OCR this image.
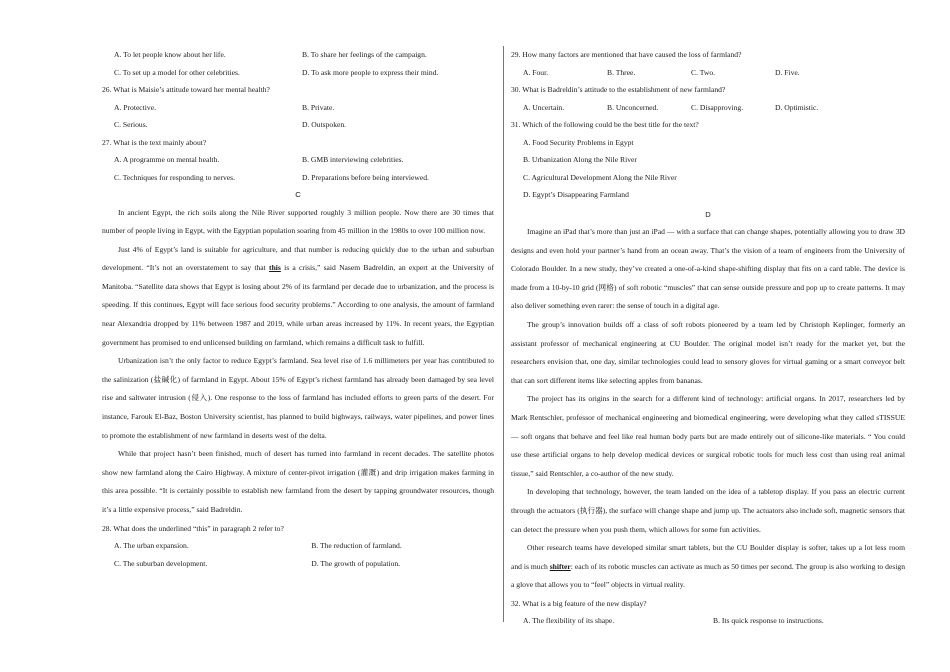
A. To let people know about her life.	B. To share her feelings of the campaign.
C. To set up a model for other celebrities.	D. To ask more people to express their mind.
26. What is Maisie’s attitude toward her mental health?
A. Protective.	B. Private.
C. Serious.	D. Outspoken.
27. What is the text mainly about?
A. A programme on mental health.	B. GMB interviewing celebrities.
C. Techniques for responding to nerves.	D. Preparations before being interviewed.
C

In ancient Egypt, the rich soils along the Nile River supported roughly 3 million people. Now there are 30 times that number of people living in Egypt, with the Egyptian population soaring from 45 million in the 1980s to over 100 million now.

Just 4% of Egypt’s land is suitable for agriculture, and that number is reducing quickly due to the urban and suburban development. “It’s not an overstatement to say that this is a crisis,” said Nasem Badreldin, an expert at the University of Manitoba. “Satellite data shows that Egypt is losing about 2% of its farmland per decade due to urbanization, and the process is speeding. If this continues, Egypt will face serious food security problems.” According to one analysis, the amount of farmland near Alexandria dropped by 11% between 1987 and 2019, while urban areas increased by 11%. In recent years, the Egyptian government has promised to end unlicensed building on farmland, which remains a difficult task to fulfill.

Urbanization isn’t the only factor to reduce Egypt’s farmland. Sea level rise of 1.6 millimeters per year has contributed to the salinization (盐碱化) of farmland in Egypt. About 15% of Egypt’s richest farmland has already been damaged by sea level rise and saltwater intrusion (侵入). One response to the loss of farmland has included efforts to green parts of the desert. For instance, Farouk El-Baz, Boston University scientist, has planned to build highways, railways, water pipelines, and power lines to promote the establishment of new farmland in deserts west of the delta.

While that project hasn’t been finished, much of desert has turned into farmland in recent decades. The satellite photos show new farmland along the Cairo Highway. A mixture of center-pivot irrigation (灌溉) and drip irrigation makes farming in this area possible. “It is certainly possible to establish new farmland from the desert by tapping groundwater resources, though it’s a little expensive process,” said Badreldin.

28. What does the underlined “this” in paragraph 2 refer to?
A. The urban expansion.	B. The reduction of farmland.
C. The suburban development.	D. The growth of population.
29. How many factors are mentioned that have caused the loss of farmland?
A. Four.	B. Three.	C. Two.	D. Five.
30. What is Badreldin’s attitude to the establishment of new farmland?
A. Uncertain.	B. Unconcerned.	C. Disapproving.	D. Optimistic.
31. Which of the following could be the best title for the text?
A. Food Security Problems in Egypt
B. Urbanization Along the Nile River
C. Agricultural Development Along the Nile River
D. Egypt’s Disappearing Farmland
D

Imagine an iPad that’s more than just an iPad — with a surface that can change shapes, potentially allowing you to draw 3D designs and even hold your partner’s hand from an ocean away. That’s the vision of a team of engineers from the University of Colorado Boulder. In a new study, they’ve created a one-of-a-kind shape-shifting display that fits on a card table. The device is made from a 10-by-10 grid (网格) of soft robotic “muscles” that can sense outside pressure and pop up to create patterns. It may also deliver something even rarer: the sense of touch in a digital age.

The group’s innovation builds off a class of soft robots pioneered by a team led by Christoph Keplinger, formerly an assistant professor of mechanical engineering at CU Boulder. The original model isn’t ready for the market yet, but the researchers envision that, one day, similar technologies could lead to sensory gloves for virtual gaming or a smart conveyor belt that can sort different items like selecting apples from bananas.

The project has its origins in the search for a different kind of technology: artificial organs. In 2017, researchers led by Mark Rentschler, professor of mechanical engineering and biomedical engineering, were developing what they called sTISSUE — soft organs that behave and feel like real human body parts but are made entirely out of silicone-like materials. “ You could use these artificial organs to help develop medical devices or surgical robotic tools for much less cost than using real animal tissue,” said Rentschler, a co-author of the new study.

In developing that technology, however, the team landed on the idea of a tabletop display. If you pass an electric current through the actuators (执行器), the surface will change shape and jump up. The actuators also include soft, magnetic sensors that can detect the pressure when you push them, which allows for some fun activities.

Other research teams have developed similar smart tablets, but the CU Boulder display is softer, takes up a lot less room and is much shifter: each of its robotic muscles can activate as much as 50 times per second. The group is also working to design a glove that allows you to “feel” objects in virtual reality.

32. What is a big feature of the new display?
A. The flexibility of its shape.	B. Its quick response to instructions.
